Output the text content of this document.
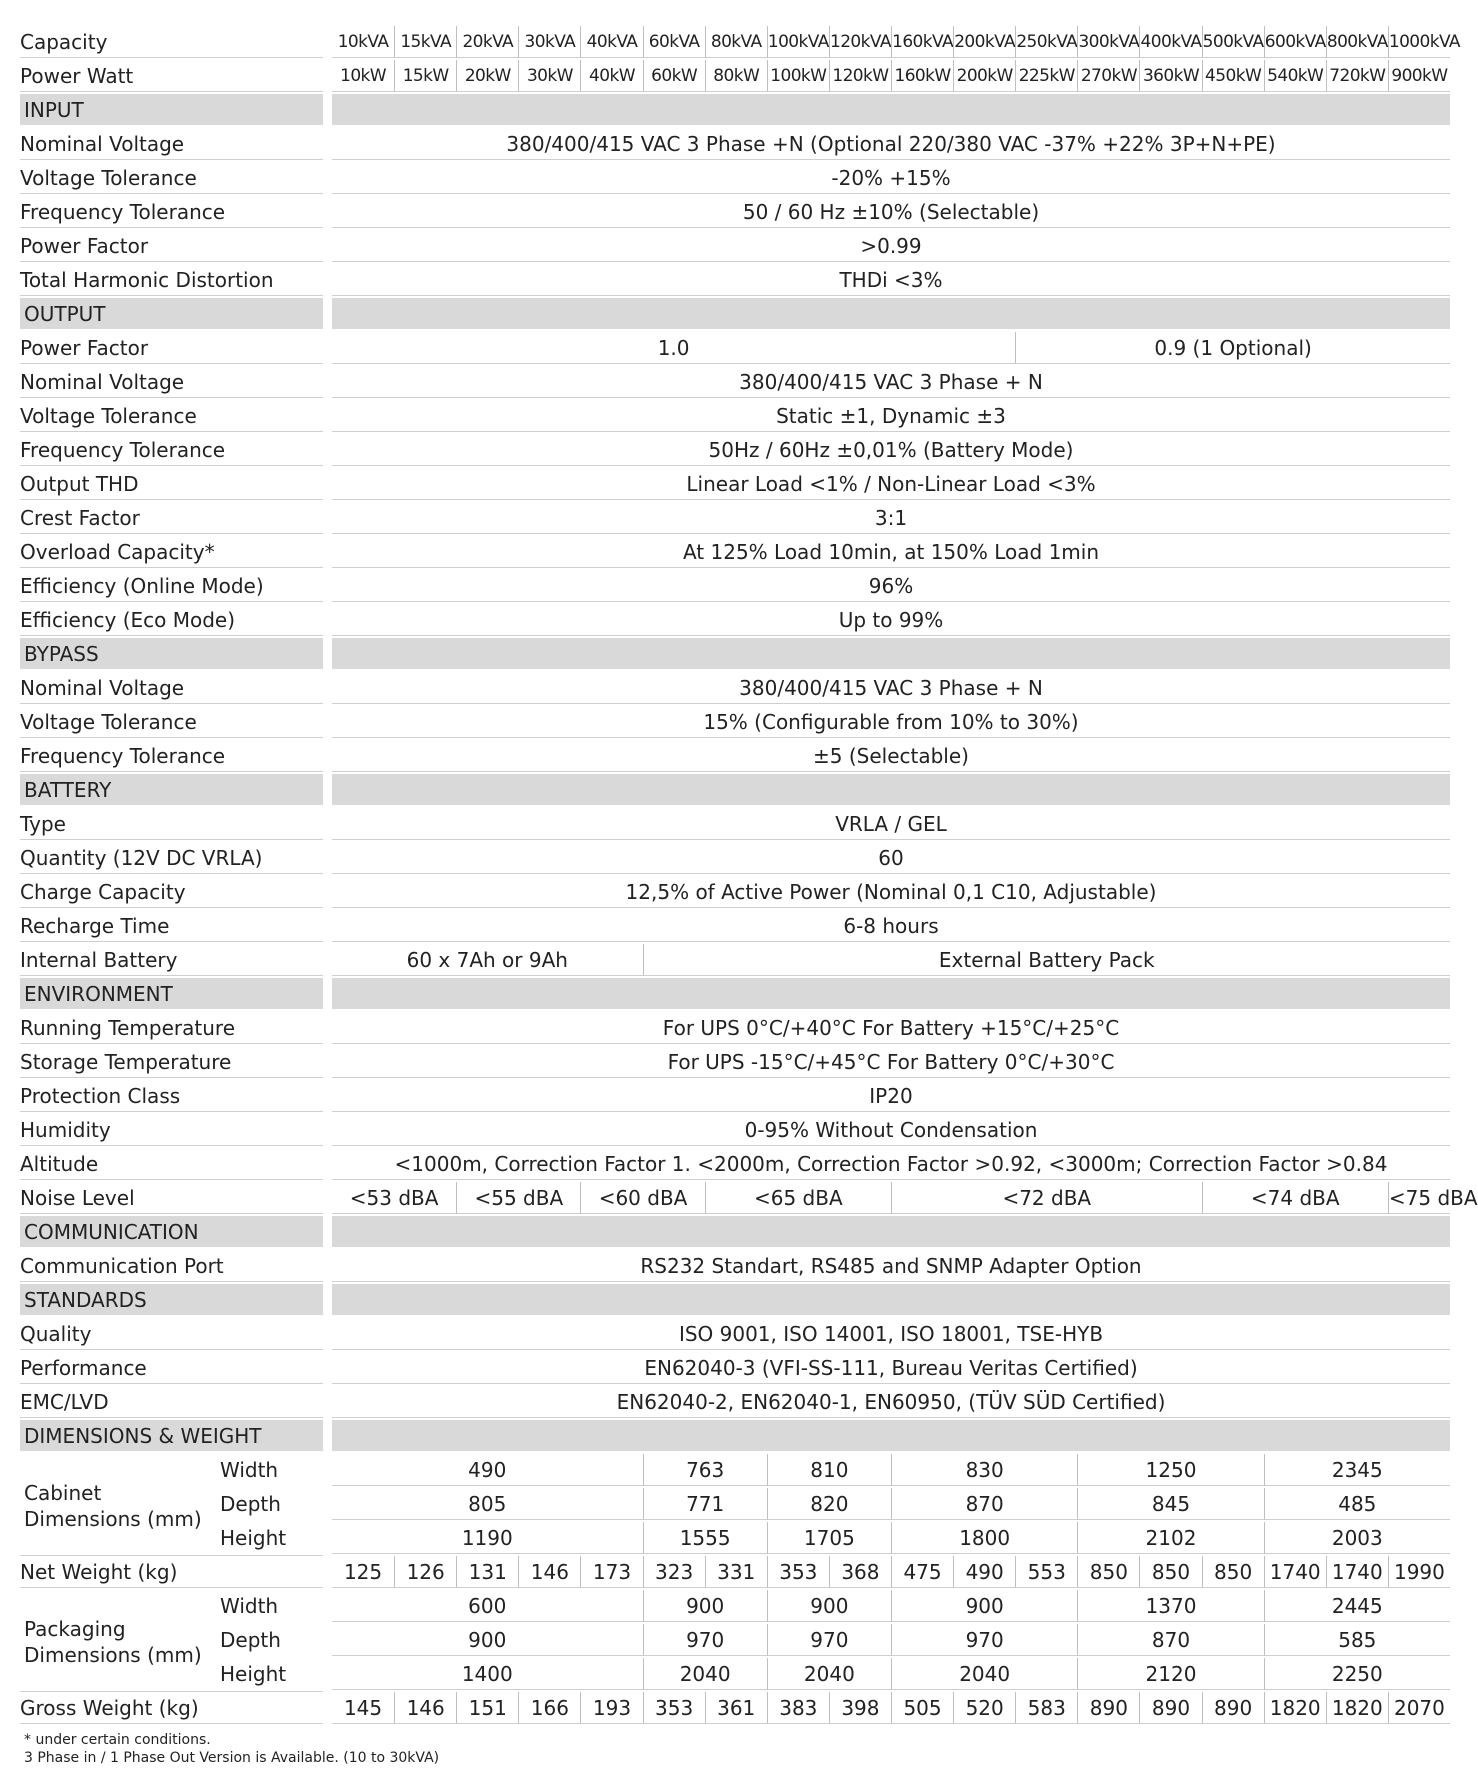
Capacity	10kVA 15kVA 20kVA 30kVA 40kVA 60kVA 80kVA 100kVA 120kVA 160kVA 200kVA 250kVA 300kVA 400kVA 500kVA 600kVA 800kVA 1000kVA
Power Watt	10kW 15kW 20kW 30kW 40kW 60kW 80kW 100kW 120kW 160kW 200kW 225kW 270kW 360kW 450kW 540kW 720kW 900kW
INPUT
Nominal Voltage	380/400/415 VAC 3 Phase +N (Optional 220/380 VAC -37% +22% 3P+N+PE)
Voltage Tolerance	-20% +15%
Frequency Tolerance	50 / 60 Hz ±10% (Selectable)
Power Factor	>0.99
Total Harmonic Distortion	THDi <3%
OUTPUT
Power Factor	1.0	0.9 (1 Optional)
Nominal Voltage	380/400/415 VAC 3 Phase + N
Voltage Tolerance	Static ±1, Dynamic ±3
Frequency Tolerance	50Hz / 60Hz ±0,01% (Battery Mode)
Output THD	Linear Load <1% / Non-Linear Load <3%
Crest Factor	3:1
Overload Capacity*	At 125% Load 10min, at 150% Load 1min
Efficiency (Online Mode)	96%
Efficiency (Eco Mode)	Up to 99%
BYPASS
Nominal Voltage	380/400/415 VAC 3 Phase + N
Voltage Tolerance	15% (Configurable from 10% to 30%)
Frequency Tolerance	±5 (Selectable)
BATTERY
Type	VRLA / GEL
Quantity (12V DC VRLA)	60
Charge Capacity	12,5% of Active Power (Nominal 0,1 C10, Adjustable)
Recharge Time	6-8 hours
Internal Battery	60 x 7Ah or 9Ah	External Battery Pack
ENVIRONMENT
Running Temperature	For UPS 0°C/+40°C For Battery +15°C/+25°C
Storage Temperature	For UPS -15°C/+45°C For Battery 0°C/+30°C
Protection Class	IP20
Humidity	0-95% Without Condensation
Altitude	<1000m, Correction Factor 1. <2000m, Correction Factor >0.92, <3000m; Correction Factor >0.84
Noise Level	<53 dBA	<55 dBA	<60 dBA	<65 dBA	<72 dBA	<74 dBA	<75 dBA
COMMUNICATION
Communication Port	RS232 Standart, RS485 and SNMP Adapter Option
STANDARDS
Quality	ISO 9001, ISO 14001, ISO 18001, TSE-HYB
Performance	EN62040-3 (VFI-SS-111, Bureau Veritas Certified)
EMC/LVD	EN62040-2, EN62040-1, EN60950, (TÜV SÜD Certified)
DIMENSIONS & WEIGHT
Cabinet
Dimensions (mm)
Width	490	763	810	830	1250	2345
Depth	805	771	820	870	845	485
Height	1190	1555	1705	1800	2102	2003
Net Weight (kg)	125	126	131	146	173	323	331	353	368	475	490	553	850	850	850 1740 1740 1990
Packaging
Dimensions (mm)
Width	600	900	900	900	1370	2445
Depth	900	970	970	970	870	585
Height	1400	2040	2040	2040	2120	2250
Gross Weight (kg)	145	146	151	166	193	353	361	383	398	505	520	583	890	890	890 1820 1820 2070
* under certain conditions.
3 Phase in / 1 Phase Out Version is Available. (10 to 30kVA)
